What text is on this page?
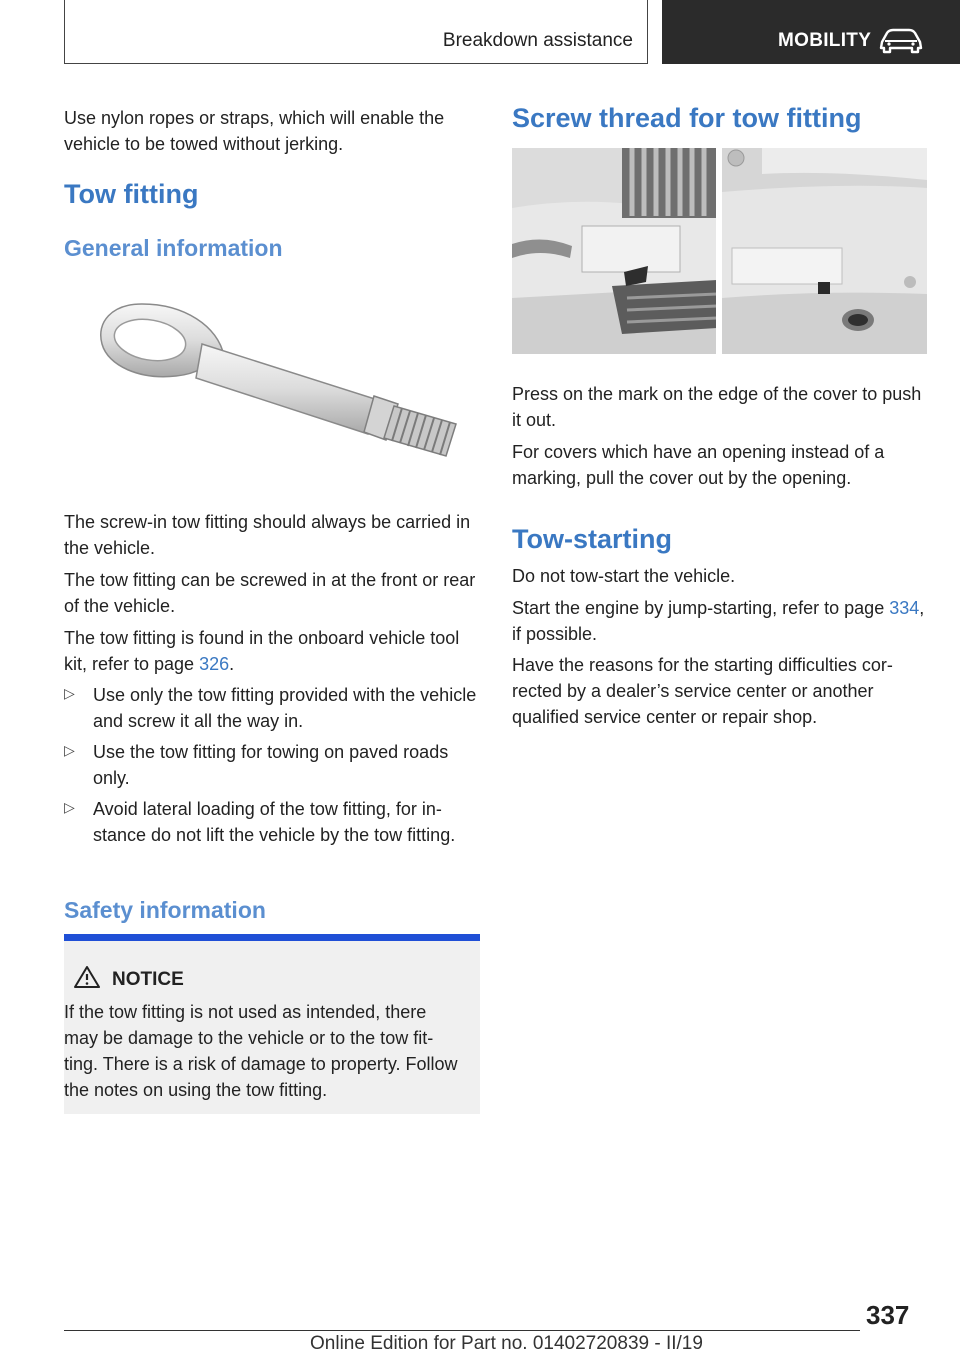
Breakdown assistance	MOBILITY

Use nylon ropes or straps, which will enable the vehicle to be towed without jerking.

Tow fitting
General information

The screw-in tow fitting should always be carried in the vehicle.

The tow fitting can be screwed in at the front or rear of the vehicle.

The tow fitting is found in the onboard vehicle tool kit, refer to page 326.

▷ Use only the tow fitting provided with the vehicle and screw it all the way in.
▷ Use the tow fitting for towing on paved roads only.
▷ Avoid lateral loading of the tow fitting, for instance do not lift the vehicle by the tow fitting.
Safety information
NOTICE
If the tow fitting is not used as intended, there may be damage to the vehicle or to the tow fitting. There is a risk of damage to property. Follow the notes on using the tow fitting.
Screw thread for tow fitting

Press on the mark on the edge of the cover to push it out.

For covers which have an opening instead of a marking, pull the cover out by the opening.

Tow-starting

Do not tow-start the vehicle.

Start the engine by jump-starting, refer to page 334, if possible.

Have the reasons for the starting difficulties corrected by a dealer’s service center or another qualified service center or repair shop.

337
Online Edition for Part no. 01402720839 - II/19
